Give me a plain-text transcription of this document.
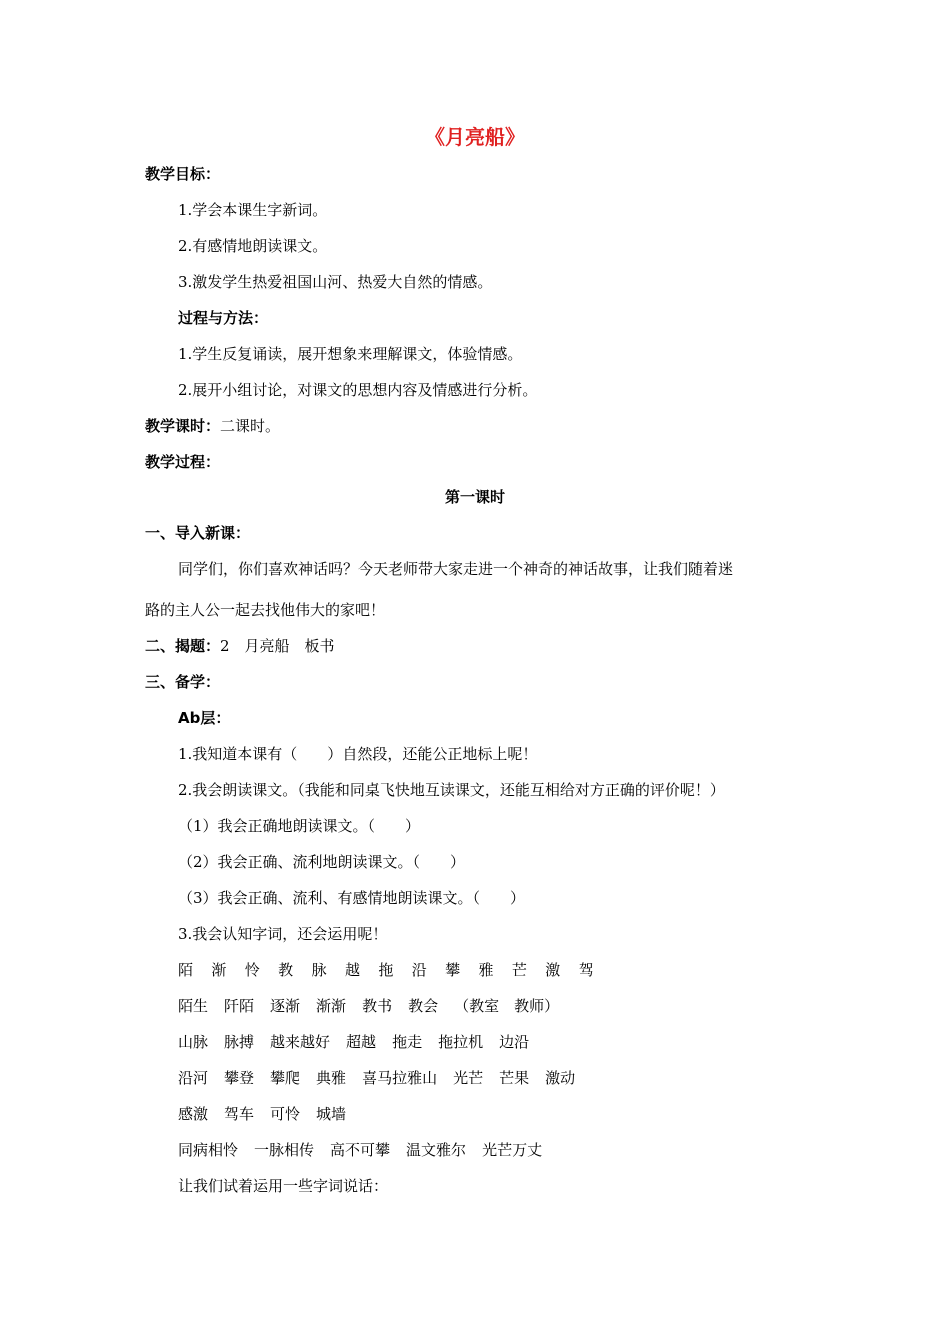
《月亮船》
教学目标：
1.学会本课生字新词。
2.有感情地朗读课文。
3.激发学生热爱祖国山河、热爱大自然的情感。
过程与方法：
1.学生反复诵读，展开想象来理解课文，体验情感。
2.展开小组讨论，对课文的思想内容及情感进行分析。
教学课时：二课时。
教学过程：
第一课时
一、导入新课：
同学们，你们喜欢神话吗？今天老师带大家走进一个神奇的神话故事，让我们随着迷
路的主人公一起去找他伟大的家吧！
二、揭题：2　月亮船　板书
三、备学：
Ab层：
1.我知道本课有（　　）自然段，还能公正地标上呢！
2.我会朗读课文。（我能和同桌飞快地互读课文，还能互相给对方正确的评价呢！）
（1）我会正确地朗读课文。（　　）
（2）我会正确、流利地朗读课文。（　　）
（3）我会正确、流利、有感情地朗读课文。（　　）
3.我会认知字词，还会运用呢！
陌 渐 怜 教 脉 越 拖 沿 攀 雅 芒 激 驾
陌生 阡陌 逐渐 渐渐 教书 教会 （教室　教师）
山脉 脉搏 越来越好 超越 拖走 拖拉机 边沿
沿河 攀登 攀爬 典雅 喜马拉雅山 光芒 芒果 激动
感激 驾车 可怜 城墙
同病相怜 一脉相传 高不可攀 温文雅尔 光芒万丈
让我们试着运用一些字词说话：
